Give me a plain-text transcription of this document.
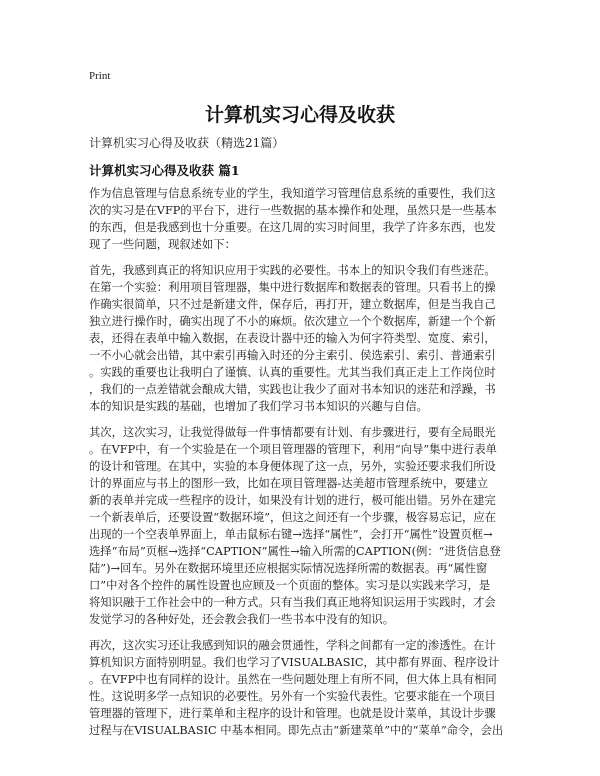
Print
计算机实习心得及收获
计算机实习心得及收获（精选21篇）
计算机实习心得及收获 篇1
作为信息管理与信息系统专业的学生，我知道学习管理信息系统的重要性，我们这
次的实习是在VFP的平台下，进行一些数据的基本操作和处理，虽然只是一些基本
的东西，但是我感到也十分重要。在这几周的实习时间里，我学了许多东西，也发
现了一些问题，现叙述如下：
首先，我感到真正的将知识应用于实践的必要性。书本上的知识令我们有些迷茫。
在第一个实验：利用项目管理器，集中进行数据库和数据表的管理。只看书上的操
作确实很简单，只不过是新建文件，保存后，再打开，建立数据库，但是当我自己
独立进行操作时，确实出现了不小的麻烦。依次建立一个个数据库，新建一个个新
表，还得在表单中输入数据，在表设计器中还的输入为何字符类型、宽度、索引，
一不小心就会出错，其中索引再输入时还的分主索引、侯选索引、索引、普通索引
。实践的重要也让我明白了谨慎、认真的重要性。尤其当我们真正走上工作岗位时
，我们的一点差错就会酿成大错，实践也让我少了面对书本知识的迷茫和浮躁，书
本的知识是实践的基础，也增加了我们学习书本知识的兴趣与自信。
其次，这次实习，让我觉得做每一件事情都要有计划、有步骤进行，要有全局眼光
。在VFP中，有一个实验是在一个项目管理器的管理下，利用“向导”集中进行表单
的设计和管理。在其中，实验的本身便体现了这一点，另外，实验还要求我们所设
计的界面应与书上的图形一致，比如在项目管理器-达美超市管理系统中，要建立
新的表单并完成一些程序的设计，如果没有计划的进行，极可能出错。另外在建完
一个新表单后，还要设置“数据环境”，但这之间还有一个步骤，极容易忘记，应在
出现的一个空表单界面上，单击鼠标右键→选择“属性”，会打开“属性”设置页框→
选择“布局”页框→选择“CAPTION”属性→输入所需的CAPTION(例：“进货信息登
陆”)→回车。另外在数据环境里还应根据实际情况选择所需的数据表。再“属性窗
口”中对各个控件的属性设置也应顾及一个页面的整体。实习是以实践来学习，是
将知识融于工作社会中的一种方式。只有当我们真正地将知识运用于实践时，才会
发觉学习的各种好处，还会教会我们一些书本中没有的知识。
再次，这次实习还让我感到知识的融会贯通性，学科之间都有一定的渗透性。在计
算机知识方面特别明显。我们也学习了VISUALBASIC，其中都有界面、程序设计
。在VFP中也有同样的设计。虽然在一些问题处理上有所不同，但大体上具有相同
性。这说明多学一点知识的必要性。另外有一个实验代表性。它要求能在一个项目
管理器的管理下，进行菜单和主程序的设计和管理。也就是设计菜单，其设计步骤
过程与在VISUALBASIC 中基本相同。即先点击“新建菜单”中的“菜单”命令，会出
